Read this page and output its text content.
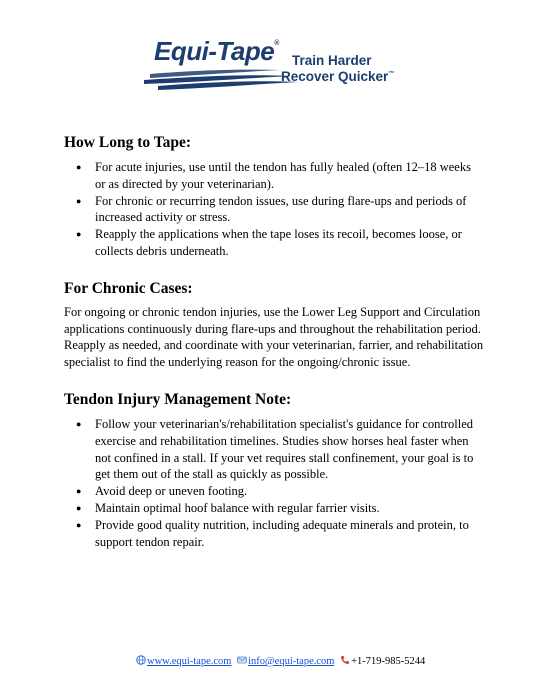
Equi-Tape®
Train Harder
Recover Quicker™
How Long to Tape:
● For acute injuries, use until the tendon has fully healed (often 12–18 weeks or as directed by your veterinarian).
● For chronic or recurring tendon issues, use during flare-ups and periods of increased activity or stress.
● Reapply the applications when the tape loses its recoil, becomes loose, or collects debris underneath.
For Chronic Cases:

For ongoing or chronic tendon injuries, use the Lower Leg Support and Circulation applications continuously during flare-ups and throughout the rehabilitation period. Reapply as needed, and coordinate with your veterinarian, farrier, and rehabilitation specialist to find the underlying reason for the ongoing/chronic issue.

Tendon Injury Management Note:
● Follow your veterinarian's/rehabilitation specialist's guidance for controlled exercise and rehabilitation timelines. Studies show horses heal faster when not confined in a stall. If your vet requires stall confinement, your goal is to get them out of the stall as quickly as possible.
● Avoid deep or uneven footing.
● Maintain optimal hoof balance with regular farrier visits.
● Provide good quality nutrition, including adequate minerals and protein, to support tendon repair.
www.equi-tape.com info@equi-tape.com +1-719-985-5244
